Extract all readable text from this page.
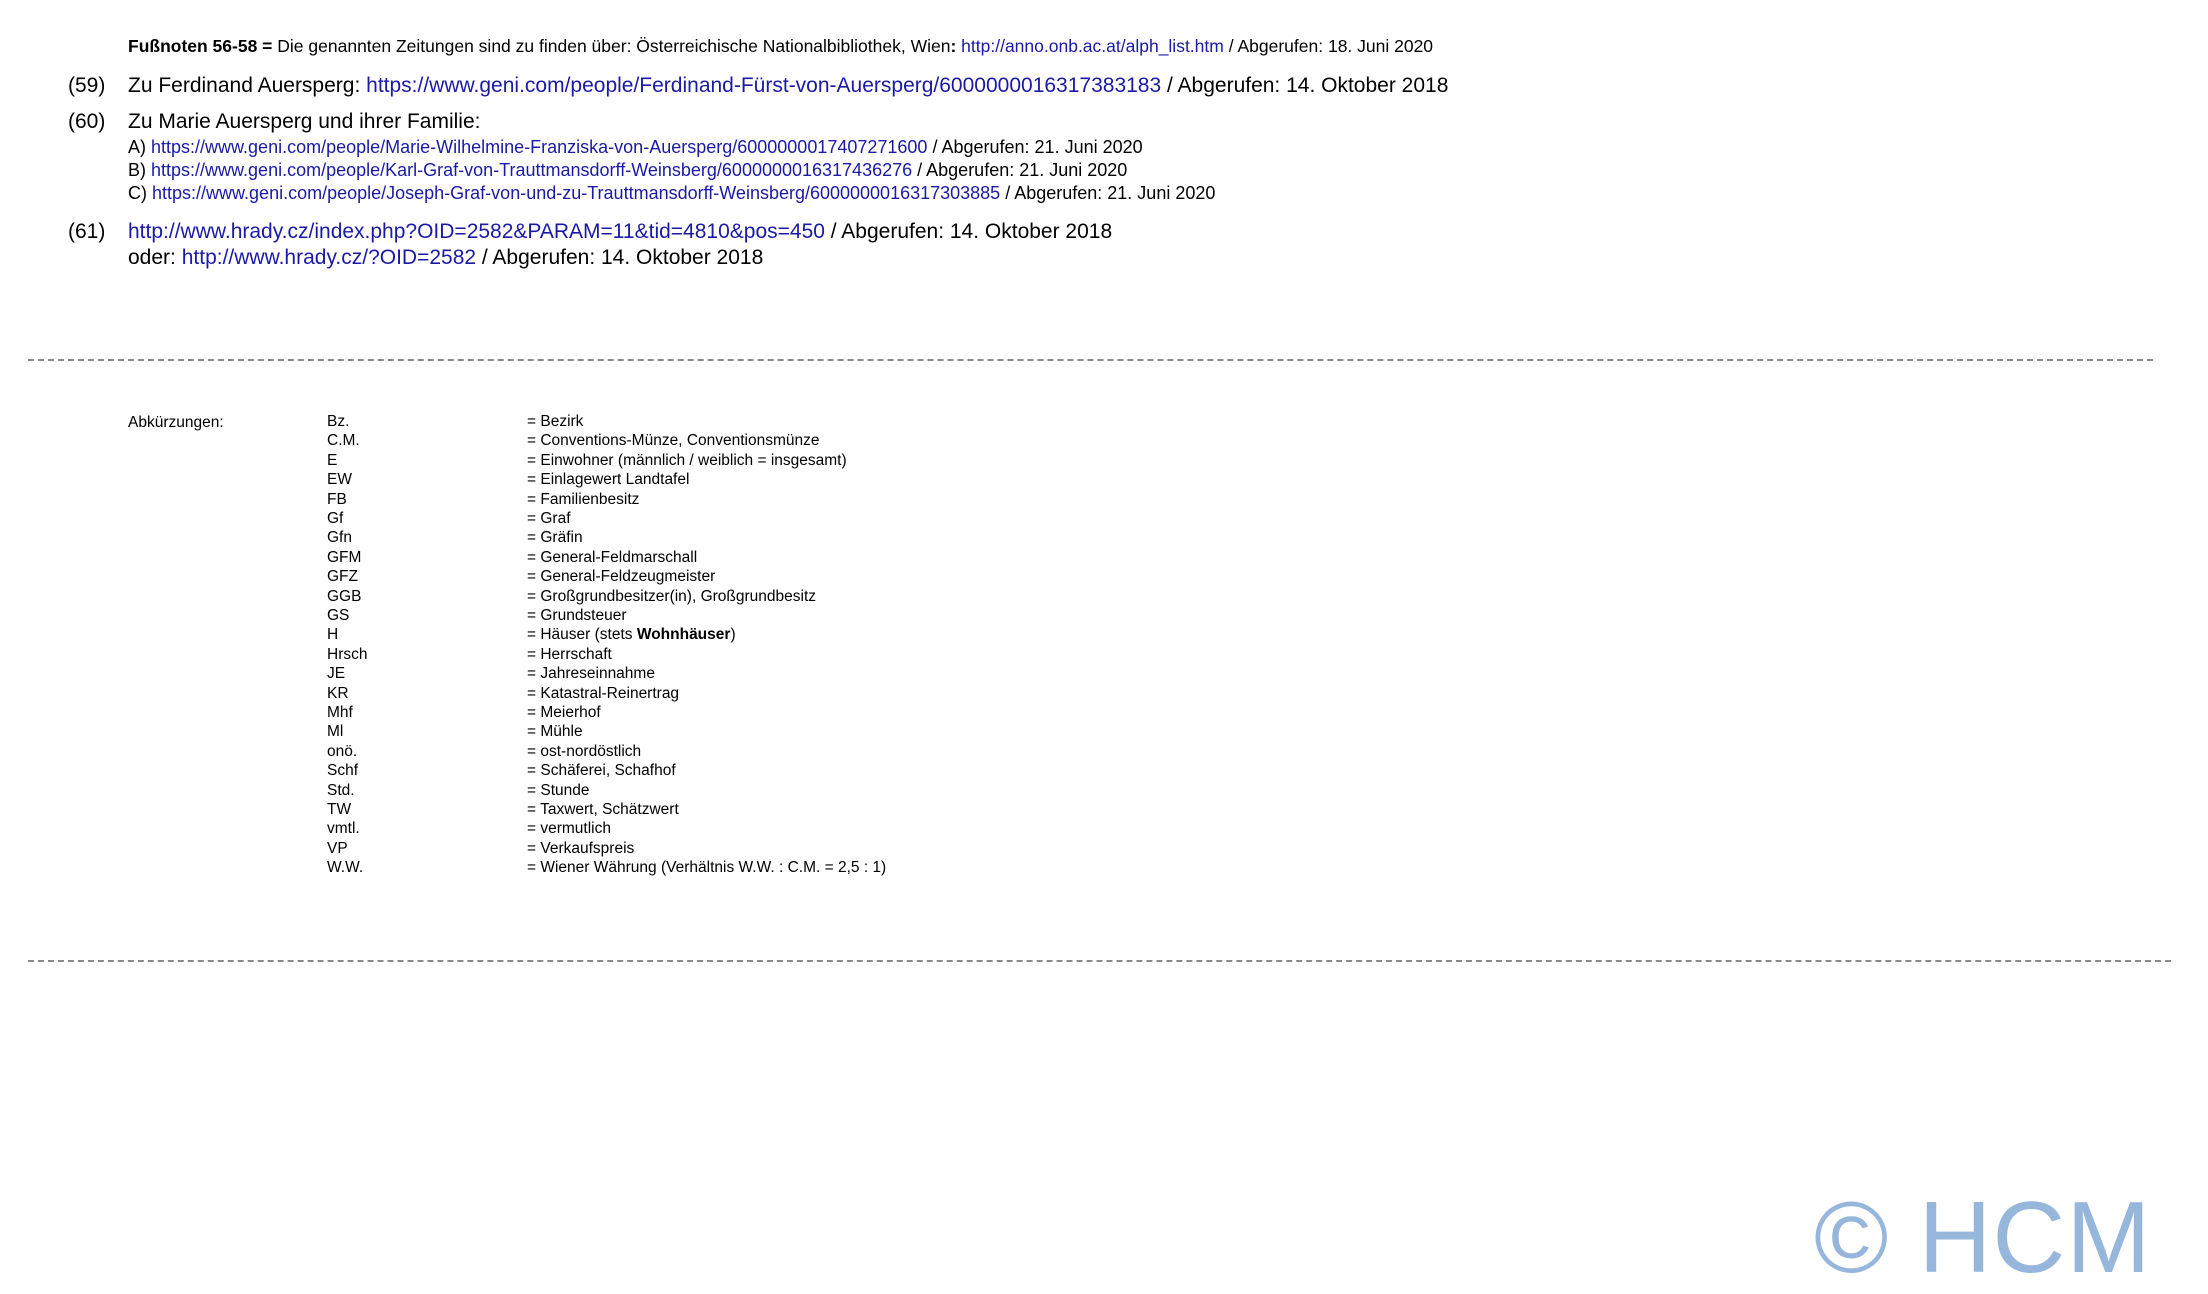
Fußnoten 56-58 = Die genannten Zeitungen sind zu finden über: Österreichische Nationalbibliothek, Wien: http://anno.onb.ac.at/alph_list.htm / Abgerufen: 18. Juni 2020
(59) Zu Ferdinand Auersperg: https://www.geni.com/people/Ferdinand-Fürst-von-Auersperg/6000000016317383183 / Abgerufen: 14. Oktober 2018
(60) Zu Marie Auersperg und ihrer Familie:
A) https://www.geni.com/people/Marie-Wilhelmine-Franziska-von-Auersperg/6000000017407271600 / Abgerufen: 21. Juni 2020
B) https://www.geni.com/people/Karl-Graf-von-Trauttmansdorff-Weinsberg/6000000016317436276 / Abgerufen: 21. Juni 2020
C) https://www.geni.com/people/Joseph-Graf-von-und-zu-Trauttmansdorff-Weinsberg/6000000016317303885 / Abgerufen: 21. Juni 2020
(61) http://www.hrady.cz/index.php?OID=2582&PARAM=11&tid=4810&pos=450 / Abgerufen: 14. Oktober 2018
oder: http://www.hrady.cz/?OID=2582 / Abgerufen: 14. Oktober 2018
Abkürzungen:	Bz.	= Bezirk
C.M.	= Conventions-Münze, Conventionsmünze
E	= Einwohner (männlich / weiblich = insgesamt)
EW	= Einlagewert Landtafel
FB	= Familienbesitz
Gf	= Graf
Gfn	= Gräfin
GFM	= General-Feldmarschall
GFZ	= General-Feldzeugmeister
GGB	= Großgrundbesitzer(in), Großgrundbesitz
GS	= Grundsteuer
H	= Häuser (stets Wohnhäuser)
Hrsch	= Herrschaft
JE	= Jahreseinnahme
KR	= Katastral-Reinertrag
Mhf	= Meierhof
Ml	= Mühle
onö.	= ost-nordöstlich
Schf	= Schäferei, Schafhof
Std.	= Stunde
TW	= Taxwert, Schätzwert
vmtl.	= vermutlich
VP	= Verkaufspreis
W.W.	= Wiener Währung (Verhältnis W.W. : C.M. = 2,5 : 1)
© HCM
